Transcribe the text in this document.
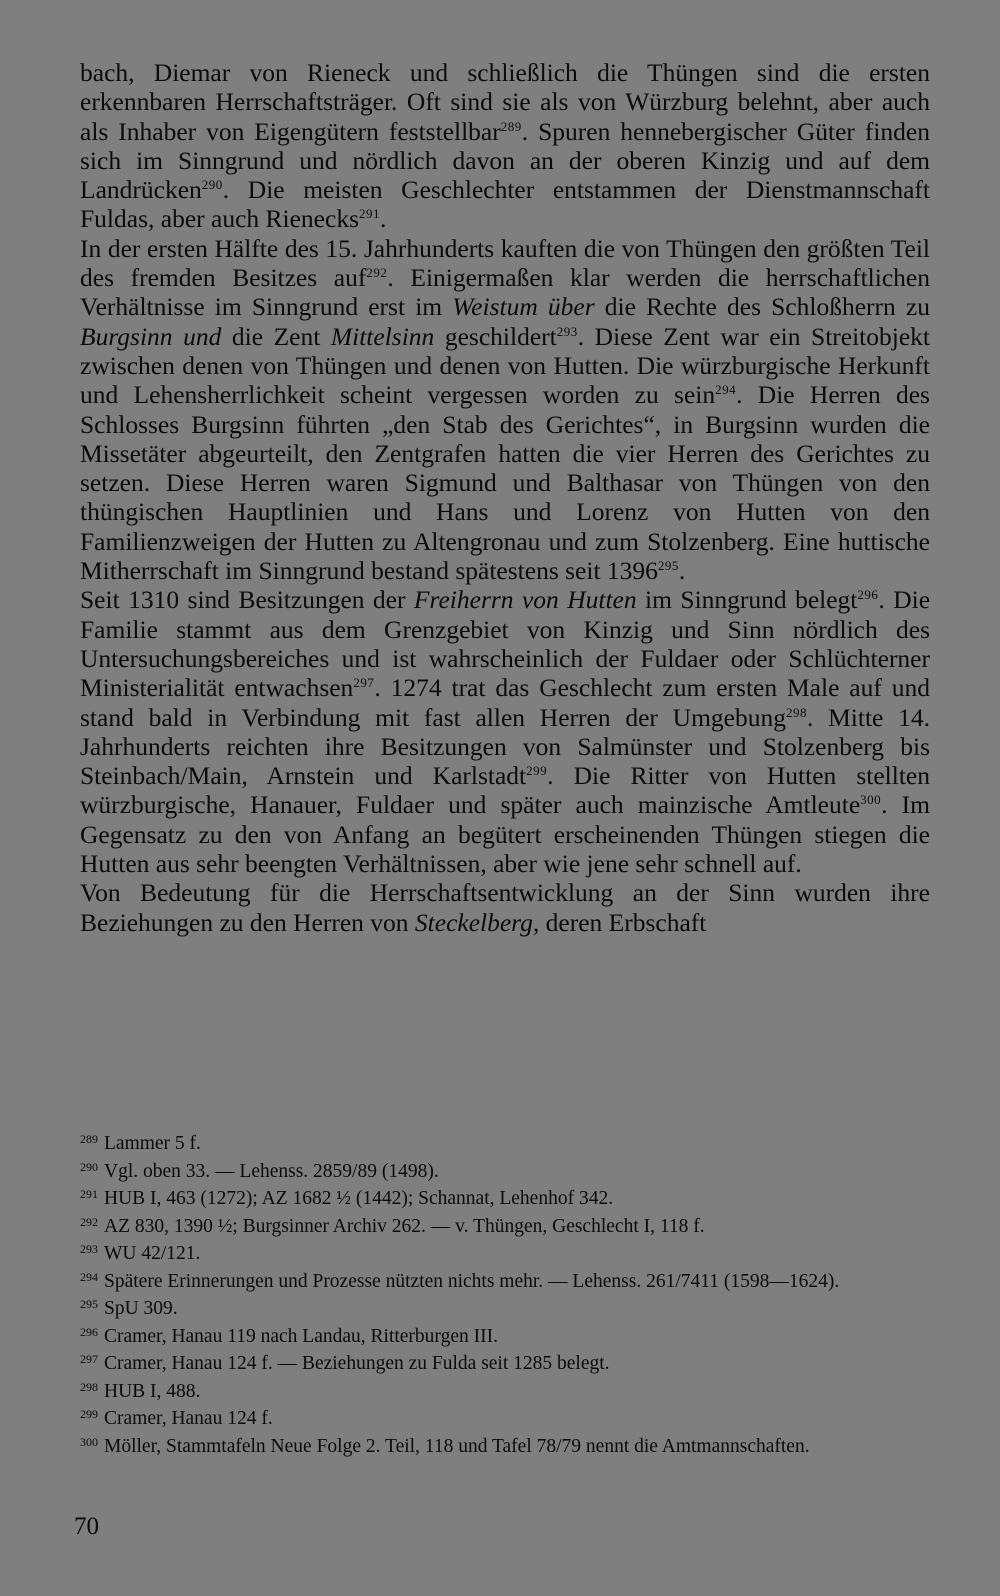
bach, Diemar von Rieneck und schließlich die Thüngen sind die ersten erkennbaren Herrschaftsträger. Oft sind sie als von Würzburg belehnt, aber auch als Inhaber von Eigengütern feststellbar$^{289}$. Spuren hennebergischer Güter finden sich im Sinngrund und nördlich davon an der oberen Kinzig und auf dem Landrücken$^{290}$. Die meisten Geschlechter entstammen der Dienstmannschaft Fuldas, aber auch Rienecks$^{291}$.

In der ersten Hälfte des 15. Jahrhunderts kauften die von Thüngen den größten Teil des fremden Besitzes auf$^{292}$. Einigermaßen klar werden die herrschaftlichen Verhältnisse im Sinngrund erst im Weistum über die Rechte des Schloßherrn zu Burgsinn und die Zent Mittelsinn geschildert$^{293}$. Diese Zent war ein Streitobjekt zwischen denen von Thüngen und denen von Hutten. Die würzburgische Herkunft und Lehensherrlichkeit scheint vergessen worden zu sein$^{294}$. Die Herren des Schlosses Burgsinn führten „den Stab des Gerichtes“, in Burgsinn wurden die Missetäter abgeurteilt, den Zentgrafen hatten die vier Herren des Gerichtes zu setzen. Diese Herren waren Sigmund und Balthasar von Thüngen von den thüngischen Hauptlinien und Hans und Lorenz von Hutten von den Familienzweigen der Hutten zu Altengronau und zum Stolzenberg. Eine huttische Mitherrschaft im Sinngrund bestand spätestens seit 1396$^{295}$.

Seit 1310 sind Besitzungen der Freiherrn von Hutten im Sinngrund belegt$^{296}$. Die Familie stammt aus dem Grenzgebiet von Kinzig und Sinn nördlich des Untersuchungsbereiches und ist wahrscheinlich der Fuldaer oder Schlüchterner Ministerialität entwachsen$^{297}$. 1274 trat das Geschlecht zum ersten Male auf und stand bald in Verbindung mit fast allen Herren der Umgebung$^{298}$. Mitte 14. Jahrhunderts reichten ihre Besitzungen von Salmünster und Stolzenberg bis Steinbach/Main, Arnstein und Karlstadt$^{299}$. Die Ritter von Hutten stellten würzburgische, Hanauer, Fuldaer und später auch mainzische Amtleute$^{300}$. Im Gegensatz zu den von Anfang an begütert erscheinenden Thüngen stiegen die Hutten aus sehr beengten Verhältnissen, aber wie jene sehr schnell auf.

Von Bedeutung für die Herrschaftsentwicklung an der Sinn wurden ihre Beziehungen zu den Herren von Steckelberg, deren Erbschaft

$^{289}$ Lammer 5 f.

$^{290}$ Vgl. oben 33. — Lehenss. 2859/89 (1498).

$^{291}$ HUB I, 463 (1272); AZ 1682 ½ (1442); Schannat, Lehenhof 342.

$^{292}$ AZ 830, 1390 ½; Burgsinner Archiv 262. — v. Thüngen, Geschlecht I, 118 f.

$^{293}$ WU 42/121.

$^{294}$ Spätere Erinnerungen und Prozesse nützten nichts mehr. — Lehenss. 261/7411 (1598—1624).

$^{295}$ SpU 309.

$^{296}$ Cramer, Hanau 119 nach Landau, Ritterburgen III.

$^{297}$ Cramer, Hanau 124 f. — Beziehungen zu Fulda seit 1285 belegt.

$^{298}$ HUB I, 488.

$^{299}$ Cramer, Hanau 124 f.

$^{300}$ Möller, Stammtafeln Neue Folge 2. Teil, 118 und Tafel 78/79 nennt die Amtmannschaften.

70
